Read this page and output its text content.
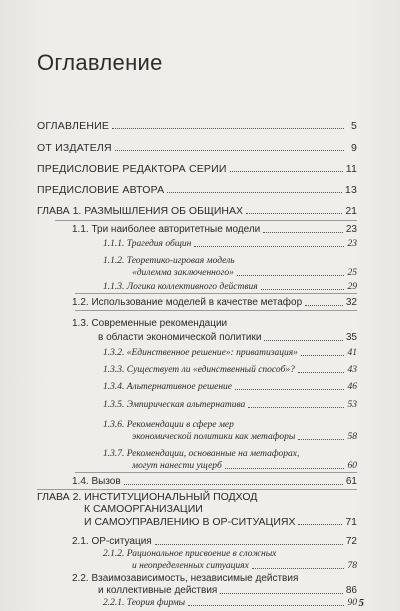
Оглавление
ОГЛАВЛЕНИЕ	5
ОТ ИЗДАТЕЛЯ	9
ПРЕДИСЛОВИЕ РЕДАКТОРА СЕРИИ	11
ПРЕДИСЛОВИЕ АВТОРА	13
ГЛАВА 1. РАЗМЫШЛЕНИЯ ОБ ОБЩИНАХ	21
1.1. Три наиболее авторитетные модели	23
1.1.1. Трагедия общин	23
1.1.2. Теоретико-игровая модель
«дилемма заключенного»	25
1.1.3. Логика коллективного действия	29
1.2. Использование моделей в качестве метафор	32
1.3. Современные рекомендации
в области экономической политики	35
1.3.2. «Единственное решение»: приватизация»	41
1.3.3. Существует ли «единственный способ»?	43
1.3.4. Альтернативное решение	46
1.3.5. Эмпирическая альтернатива	53
1.3.6. Рекомендации в сфере мер
экономической политики как метафоры	58
1.3.7. Рекомендации, основанные на метафорах,
могут нанести ущерб	60
1.4. Вызов	61
ГЛАВА 2. ИНСТИТУЦИОНАЛЬНЫЙ ПОДХОД
К САМООРГАНИЗАЦИИ
И САМОУПРАВЛЕНИЮ В ОР-СИТУАЦИЯХ	71
2.1. ОР-ситуация	72
2.1.2. Рациональное присвоение в сложных
и неопределенных ситуациях	78
2.2. Взаимозависимость, независимые действия
и коллективные действия	86
2.2.1. Теория фирмы	90 5
